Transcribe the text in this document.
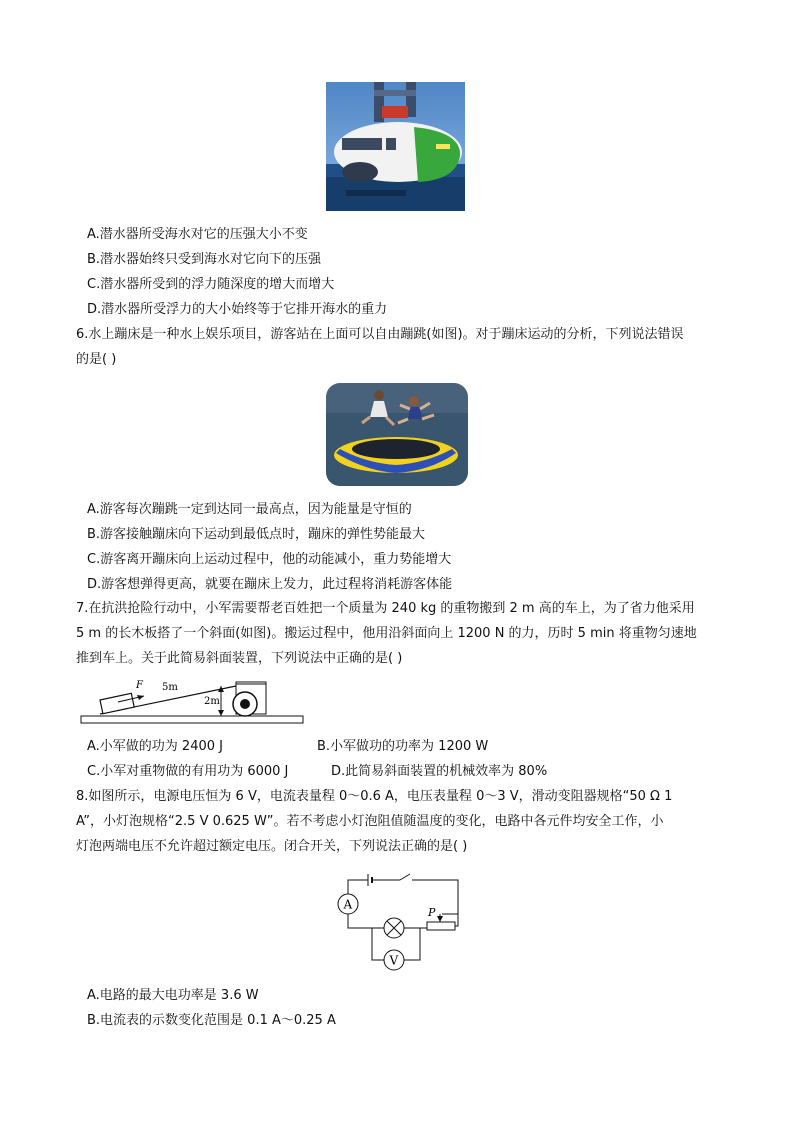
A.潜水器所受海水对它的压强大小不变
B.潜水器始终只受到海水对它向下的压强
C.潜水器所受到的浮力随深度的增大而增大
D.潜水器所受浮力的大小始终等于它排开海水的重力
6.水上蹦床是一种水上娱乐项目，游客站在上面可以自由蹦跳(如图)。对于蹦床运动的分析，下列说法错误
的是( )
A.游客每次蹦跳一定到达同一最高点，因为能量是守恒的
B.游客接触蹦床向下运动到最低点时，蹦床的弹性势能最大
C.游客离开蹦床向上运动过程中，他的动能减小，重力势能增大
D.游客想弹得更高，就要在蹦床上发力，此过程将消耗游客体能
7.在抗洪抢险行动中，小军需要帮老百姓把一个质量为 240 kg 的重物搬到 2 m 高的车上，为了省力他采用
5 m 的长木板搭了一个斜面(如图)。搬运过程中，他用沿斜面向上 1200 N 的力，历时 5 min 将重物匀速地
推到车上。关于此简易斜面装置，下列说法中正确的是( )
F 5m
2m
A.小军做的功为 2400 J	B.小军做功的功率为 1200 W
C.小军对重物做的有用功为 6000 J	D.此简易斜面装置的机械效率为 80%
8.如图所示，电源电压恒为 6 V，电流表量程 0～0.6 A，电压表量程 0～3 V，滑动变阻器规格“50 Ω 1
A”，小灯泡规格“2.5 V 0.625 W”。若不考虑小灯泡阻值随温度的变化，电路中各元件均安全工作，小
灯泡两端电压不允许超过额定电压。闭合开关，下列说法正确的是( )
A
V
P
A.电路的最大电功率是 3.6 W
B.电流表的示数变化范围是 0.1 A～0.25 A
